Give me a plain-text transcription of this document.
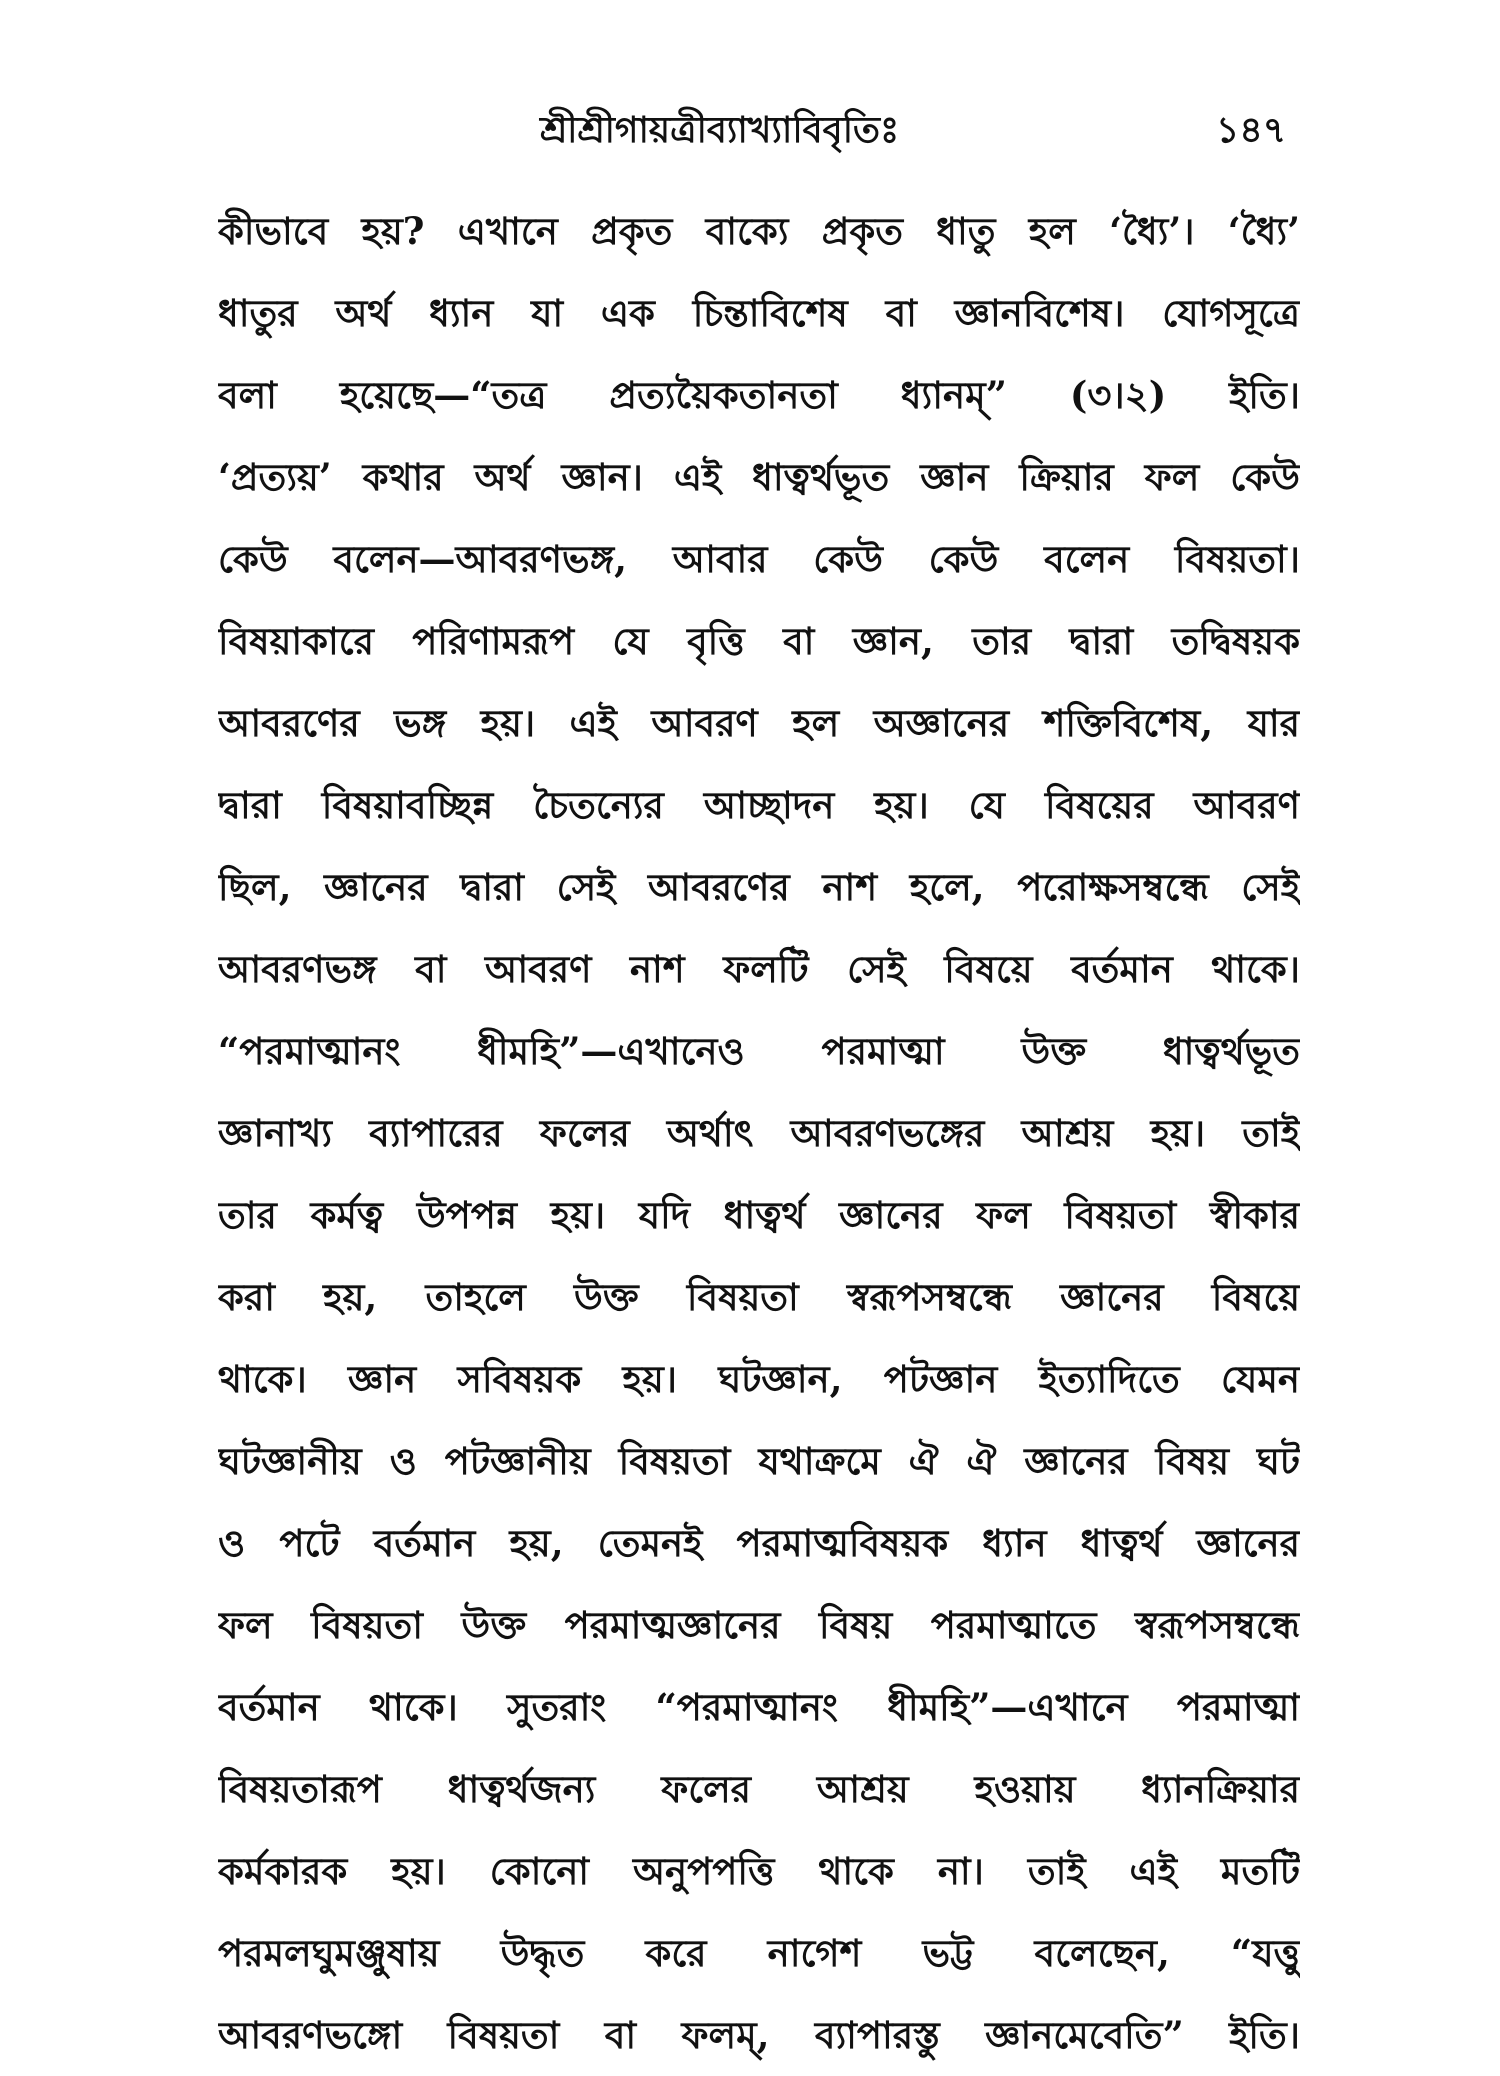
শ্রীশ্রীগায়ত্রীব্যাখ্যাবিবৃতিঃ	১৪৭
কীভাবে হয়? এখানে প্রকৃত বাক্যে প্রকৃত ধাতু হল ‘ধ্যৈ’। ‘ধ্যৈ’
ধাতুর অর্থ ধ্যান যা এক চিন্তাবিশেষ বা জ্ঞানবিশেষ। যোগসূত্রে
বলা হয়েছে—“তত্র প্রত্যয়ৈকতানতা ধ্যানম্” (৩।২) ইতি।
‘প্রত্যয়’ কথার অর্থ জ্ঞান। এই ধাত্বর্থভূত জ্ঞান ক্রিয়ার ফল কেউ
কেউ বলেন—আবরণভঙ্গ, আবার কেউ কেউ বলেন বিষয়তা।
বিষয়াকারে পরিণামরূপ যে বৃত্তি বা জ্ঞান, তার দ্বারা তদ্বিষয়ক
আবরণের ভঙ্গ হয়। এই আবরণ হল অজ্ঞানের শক্তিবিশেষ, যার
দ্বারা বিষয়াবচ্ছিন্ন চৈতন্যের আচ্ছাদন হয়। যে বিষয়ের আবরণ
ছিল, জ্ঞানের দ্বারা সেই আবরণের নাশ হলে, পরোক্ষসম্বন্ধে সেই
আবরণভঙ্গ বা আবরণ নাশ ফলটি সেই বিষয়ে বর্তমান থাকে।
“পরমাত্মানং ধীমহি”—এখানেও পরমাত্মা উক্ত ধাত্বর্থভূত
জ্ঞানাখ্য ব্যাপারের ফলের অর্থাৎ আবরণভঙ্গের আশ্রয় হয়। তাই
তার কর্মত্ব উপপন্ন হয়। যদি ধাত্বর্থ জ্ঞানের ফল বিষয়তা স্বীকার
করা হয়, তাহলে উক্ত বিষয়তা স্বরূপসম্বন্ধে জ্ঞানের বিষয়ে
থাকে। জ্ঞান সবিষয়ক হয়। ঘটজ্ঞান, পটজ্ঞান ইত্যাদিতে যেমন
ঘটজ্ঞানীয় ও পটজ্ঞানীয় বিষয়তা যথাক্রমে ঐ ঐ জ্ঞানের বিষয় ঘট
ও পটে বর্তমান হয়, তেমনই পরমাত্মবিষয়ক ধ্যান ধাত্বর্থ জ্ঞানের
ফল বিষয়তা উক্ত পরমাত্মজ্ঞানের বিষয় পরমাত্মাতে স্বরূপসম্বন্ধে
বর্তমান থাকে। সুতরাং “পরমাত্মানং ধীমহি”—এখানে পরমাত্মা
বিষয়তারূপ ধাত্বর্থজন্য ফলের আশ্রয় হওয়ায় ধ্যানক্রিয়ার
কর্মকারক হয়। কোনো অনুপপত্তি থাকে না। তাই এই মতটি
পরমলঘুমঞ্জুষায় উদ্ধৃত করে নাগেশ ভট্ট বলেছেন, “যত্তু
আবরণভঙ্গো বিষয়তা বা ফলম্, ব্যাপারস্তু জ্ঞানমেবেতি” ইতি।
